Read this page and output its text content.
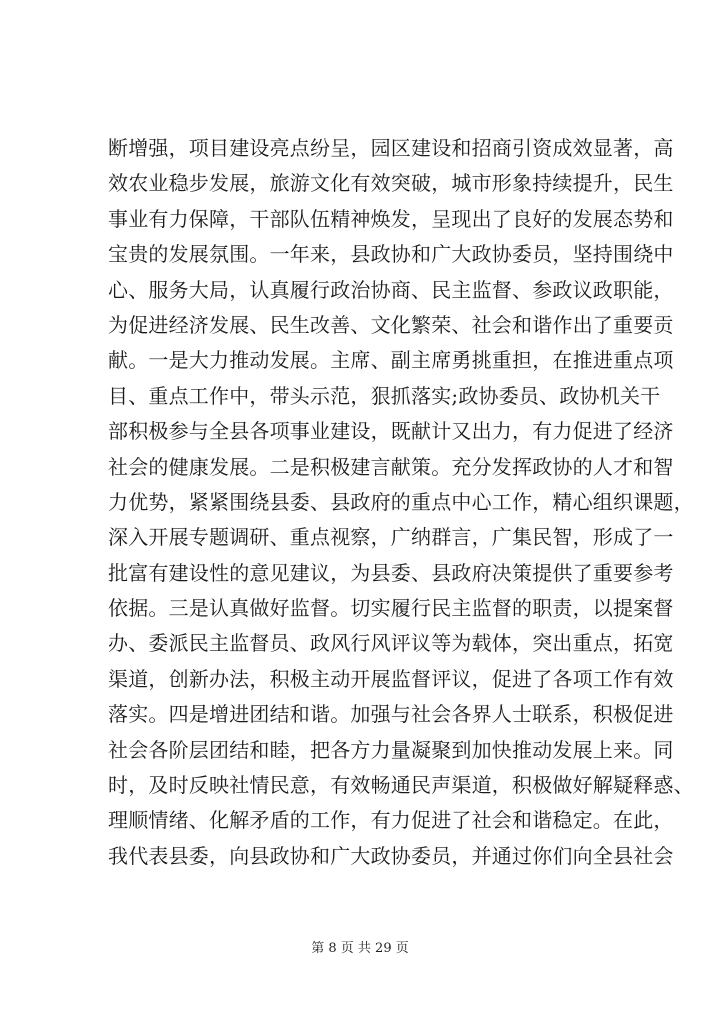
断增强，项目建设亮点纷呈，园区建设和招商引资成效显著，高
效农业稳步发展，旅游文化有效突破，城市形象持续提升，民生
事业有力保障，干部队伍精神焕发，呈现出了良好的发展态势和
宝贵的发展氛围。一年来，县政协和广大政协委员，坚持围绕中
心、服务大局，认真履行政治协商、民主监督、参政议政职能，
为促进经济发展、民生改善、文化繁荣、社会和谐作出了重要贡
献。一是大力推动发展。主席、副主席勇挑重担，在推进重点项
目、重点工作中，带头示范，狠抓落实;政协委员、政协机关干
部积极参与全县各项事业建设，既献计又出力，有力促进了经济
社会的健康发展。二是积极建言献策。充分发挥政协的人才和智
力优势，紧紧围绕县委、县政府的重点中心工作，精心组织课题，
深入开展专题调研、重点视察，广纳群言，广集民智，形成了一
批富有建设性的意见建议，为县委、县政府决策提供了重要参考
依据。三是认真做好监督。切实履行民主监督的职责，以提案督
办、委派民主监督员、政风行风评议等为载体，突出重点，拓宽
渠道，创新办法，积极主动开展监督评议，促进了各项工作有效
落实。四是增进团结和谐。加强与社会各界人士联系，积极促进
社会各阶层团结和睦，把各方力量凝聚到加快推动发展上来。同
时，及时反映社情民意，有效畅通民声渠道，积极做好解疑释惑、
理顺情绪、化解矛盾的工作，有力促进了社会和谐稳定。在此，
我代表县委，向县政协和广大政协委员，并通过你们向全县社会
第 8 页 共 29 页
